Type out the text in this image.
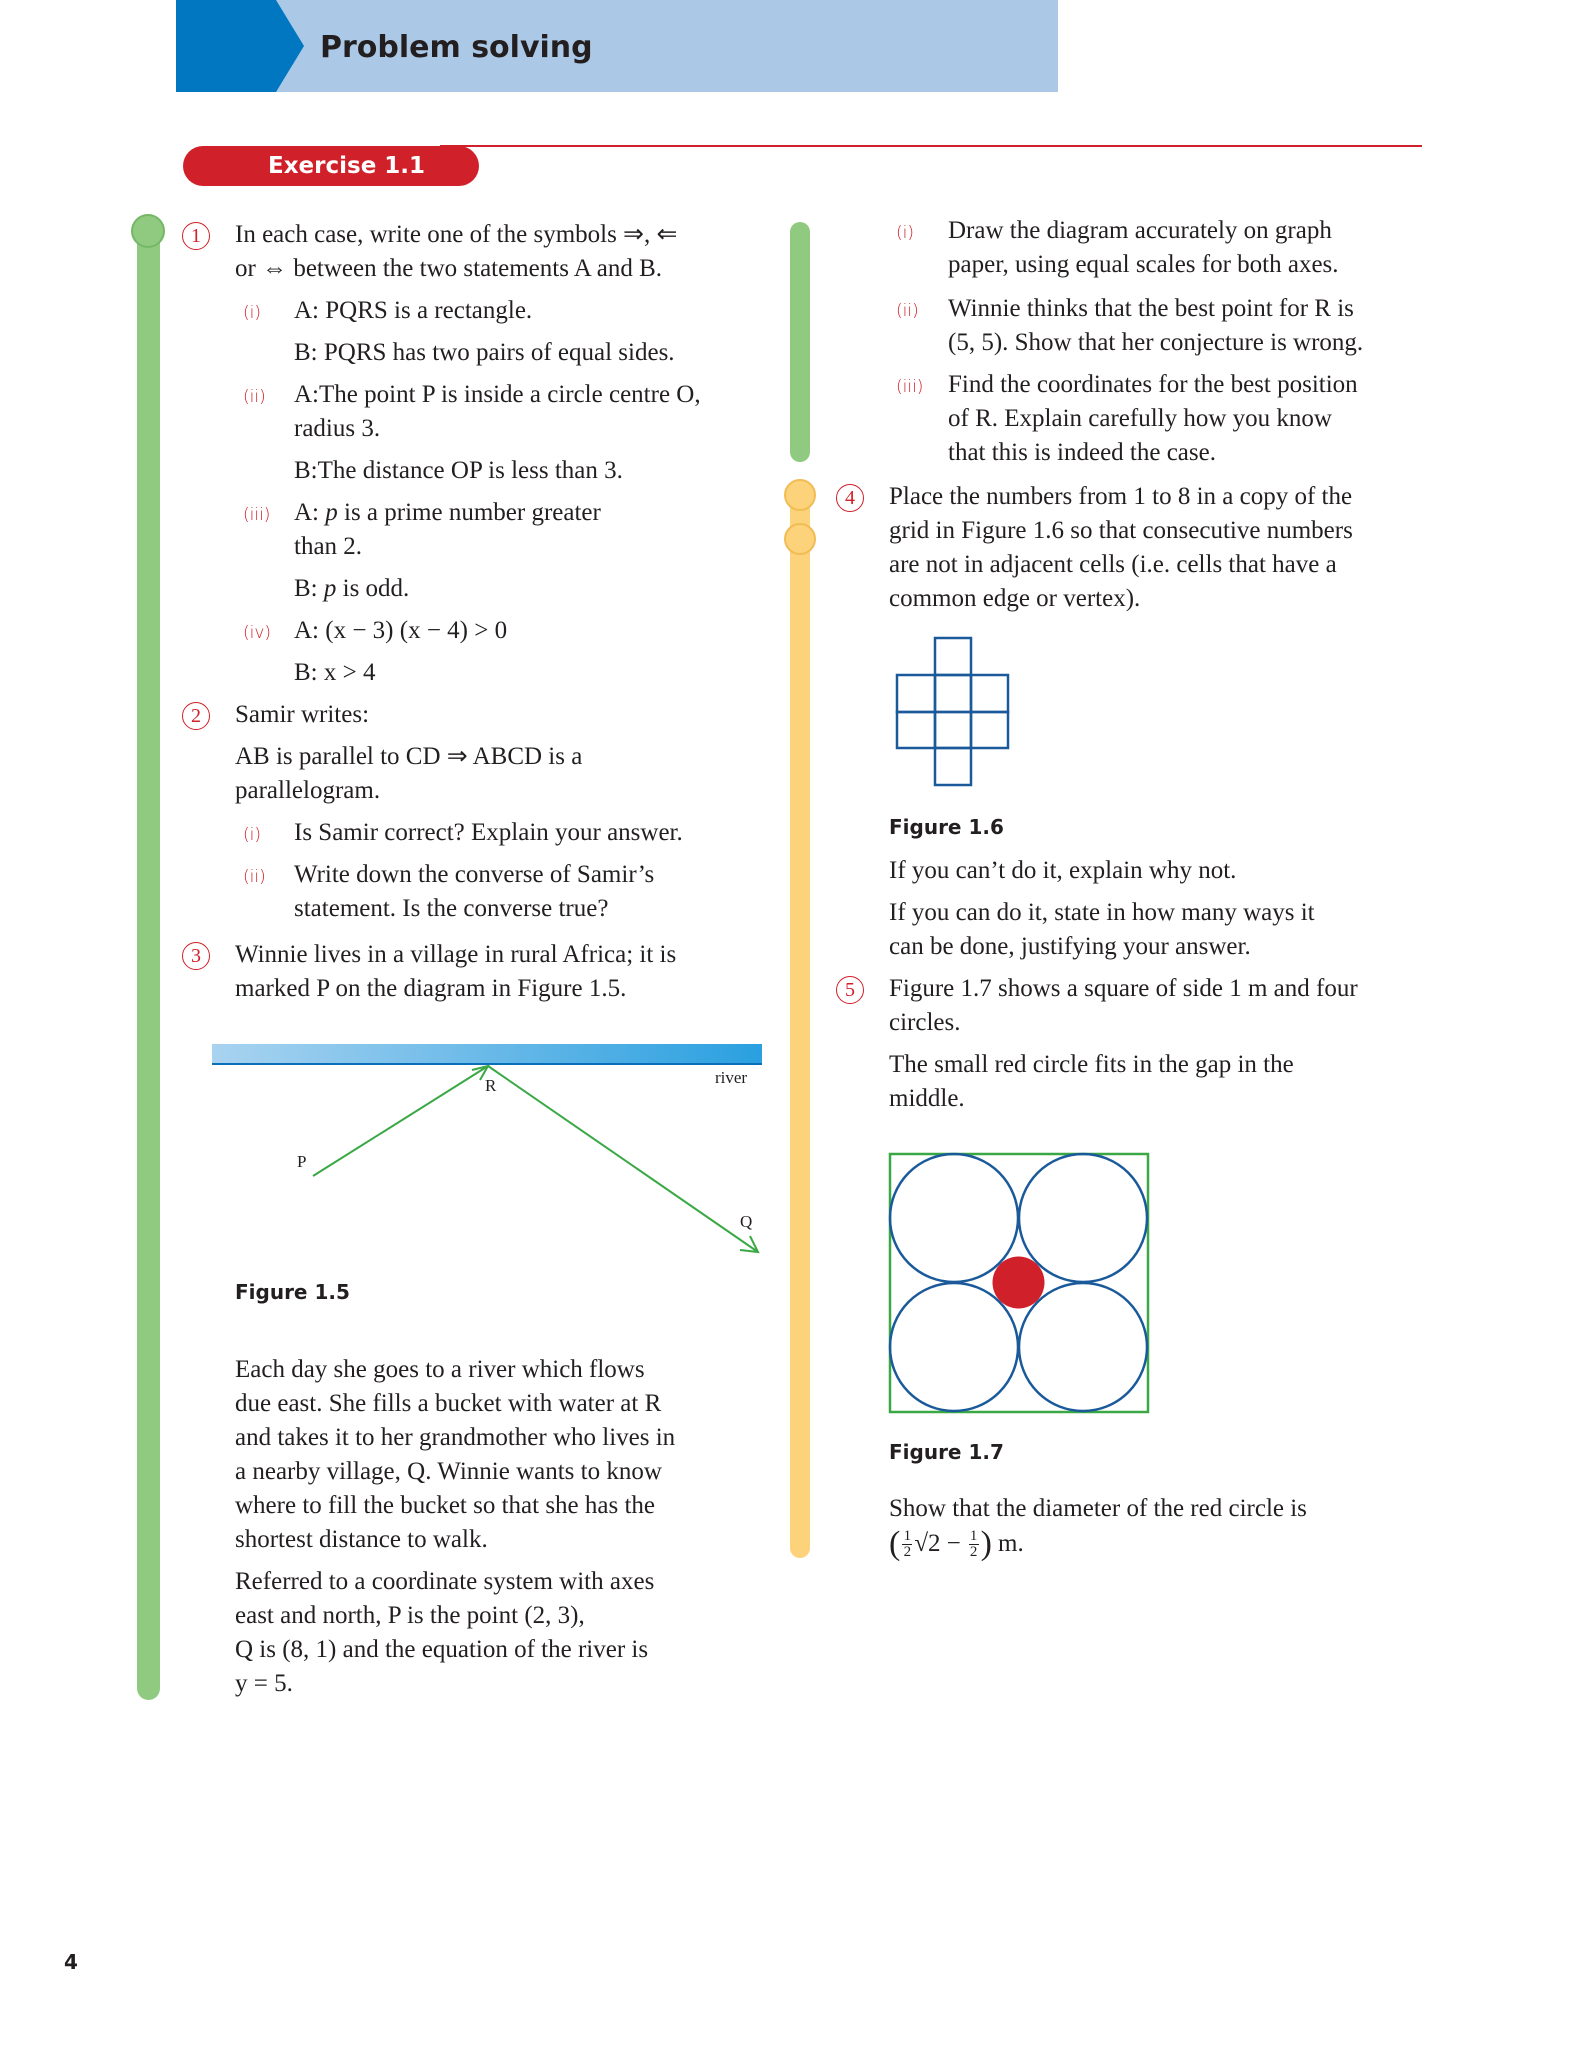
Problem solving
Exercise 1.1
1	In each case, write one of the symbols ⇒, ⇐
or ⇔ between the two statements A and B.
(i) A: PQRS is a rectangle.
B: PQRS has two pairs of equal sides.
(ii) A:The point P is inside a circle centre O,
radius 3.
B:The distance OP is less than 3.
(iii) A: p is a prime number greater
than 2.
B: p is odd.
(iv) A: (x − 3) (x − 4) > 0
B: x > 4
2	Samir writes:
AB is parallel to CD ⇒ ABCD is a
parallelogram.
(i) Is Samir correct? Explain your answer.
(ii) Write down the converse of Samir’s
statement. Is the converse true?
3	Winnie lives in a village in rural Africa; it is
marked P on the diagram in Figure 1.5.
river
R
P
Q
Figure 1.5
Each day she goes to a river which flows
due east. She fills a bucket with water at R
and takes it to her grandmother who lives in
a nearby village, Q. Winnie wants to know
where to fill the bucket so that she has the
shortest distance to walk.
Referred to a coordinate system with axes
east and north, P is the point (2, 3),
Q is (8, 1) and the equation of the river is
y = 5.
(i) Draw the diagram accurately on graph
paper, using equal scales for both axes.
(ii) Winnie thinks that the best point for R is
(5, 5). Show that her conjecture is wrong.
(iii) Find the coordinates for the best position
of R. Explain carefully how you know
that this is indeed the case.
4	Place the numbers from 1 to 8 in a copy of the
grid in Figure 1.6 so that consecutive numbers
are not in adjacent cells (i.e. cells that have a
common edge or vertex).
Figure 1.6
If you can’t do it, explain why not.
If you can do it, state in how many ways it
can be done, justifying your answer.
5	Figure 1.7 shows a square of side 1 m and four
circles.
The small red circle fits in the gap in the
middle.
Figure 1.7
Show that the diameter of the red circle is
( 1
2 $√2 - \frac{1}{2}$ ) m.
4
